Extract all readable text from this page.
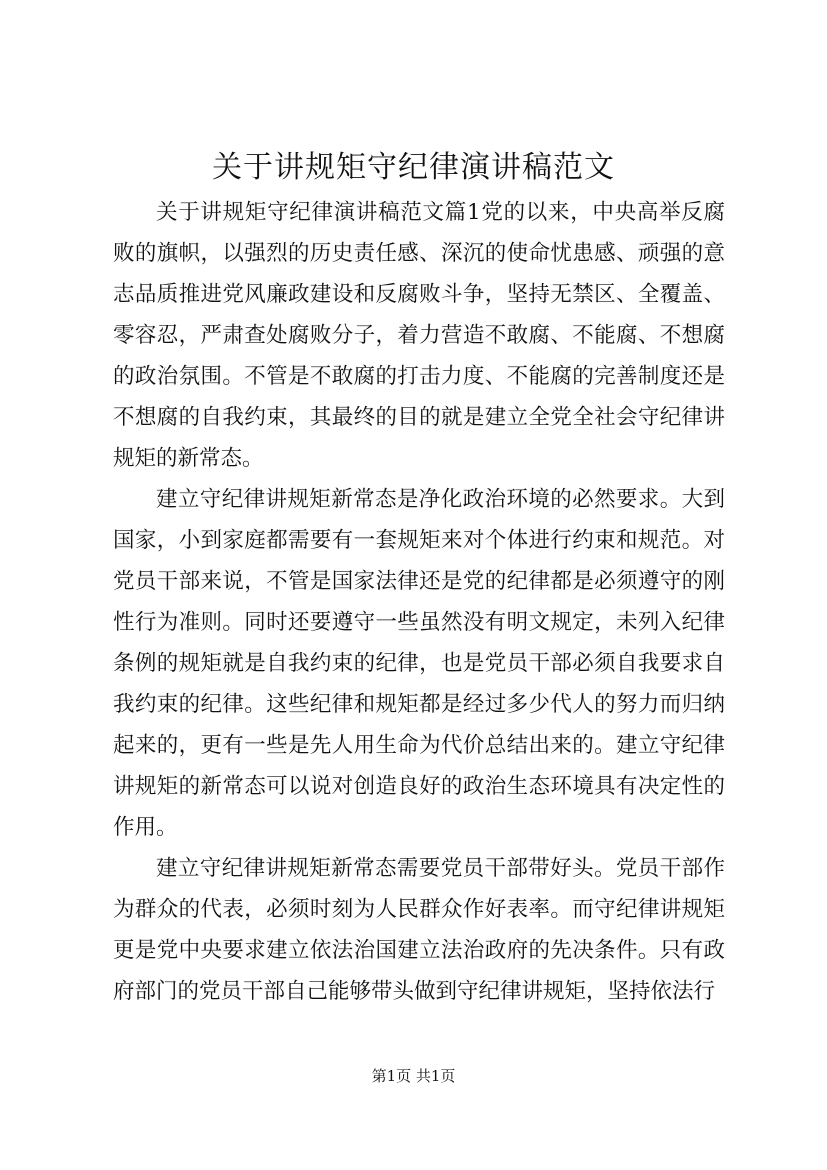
关于讲规矩守纪律演讲稿范文

关于讲规矩守纪律演讲稿范文篇1党的以来，中央高举反腐败的旗帜，以强烈的历史责任感、深沉的使命忧患感、顽强的意志品质推进党风廉政建设和反腐败斗争，坚持无禁区、全覆盖、零容忍，严肃查处腐败分子，着力营造不敢腐、不能腐、不想腐的政治氛围。不管是不敢腐的打击力度、不能腐的完善制度还是不想腐的自我约束，其最终的目的就是建立全党全社会守纪律讲规矩的新常态。

建立守纪律讲规矩新常态是净化政治环境的必然要求。大到国家，小到家庭都需要有一套规矩来对个体进行约束和规范。对党员干部来说，不管是国家法律还是党的纪律都是必须遵守的刚性行为准则。同时还要遵守一些虽然没有明文规定，未列入纪律条例的规矩就是自我约束的纪律，也是党员干部必须自我要求自我约束的纪律。这些纪律和规矩都是经过多少代人的努力而归纳起来的，更有一些是先人用生命为代价总结出来的。建立守纪律讲规矩的新常态可以说对创造良好的政治生态环境具有决定性的作用。

建立守纪律讲规矩新常态需要党员干部带好头。党员干部作为群众的代表，必须时刻为人民群众作好表率。而守纪律讲规矩更是党中央要求建立依法治国建立法治政府的先决条件。只有政府部门的党员干部自己能够带头做到守纪律讲规矩，坚持依法行

第1页 共1页
